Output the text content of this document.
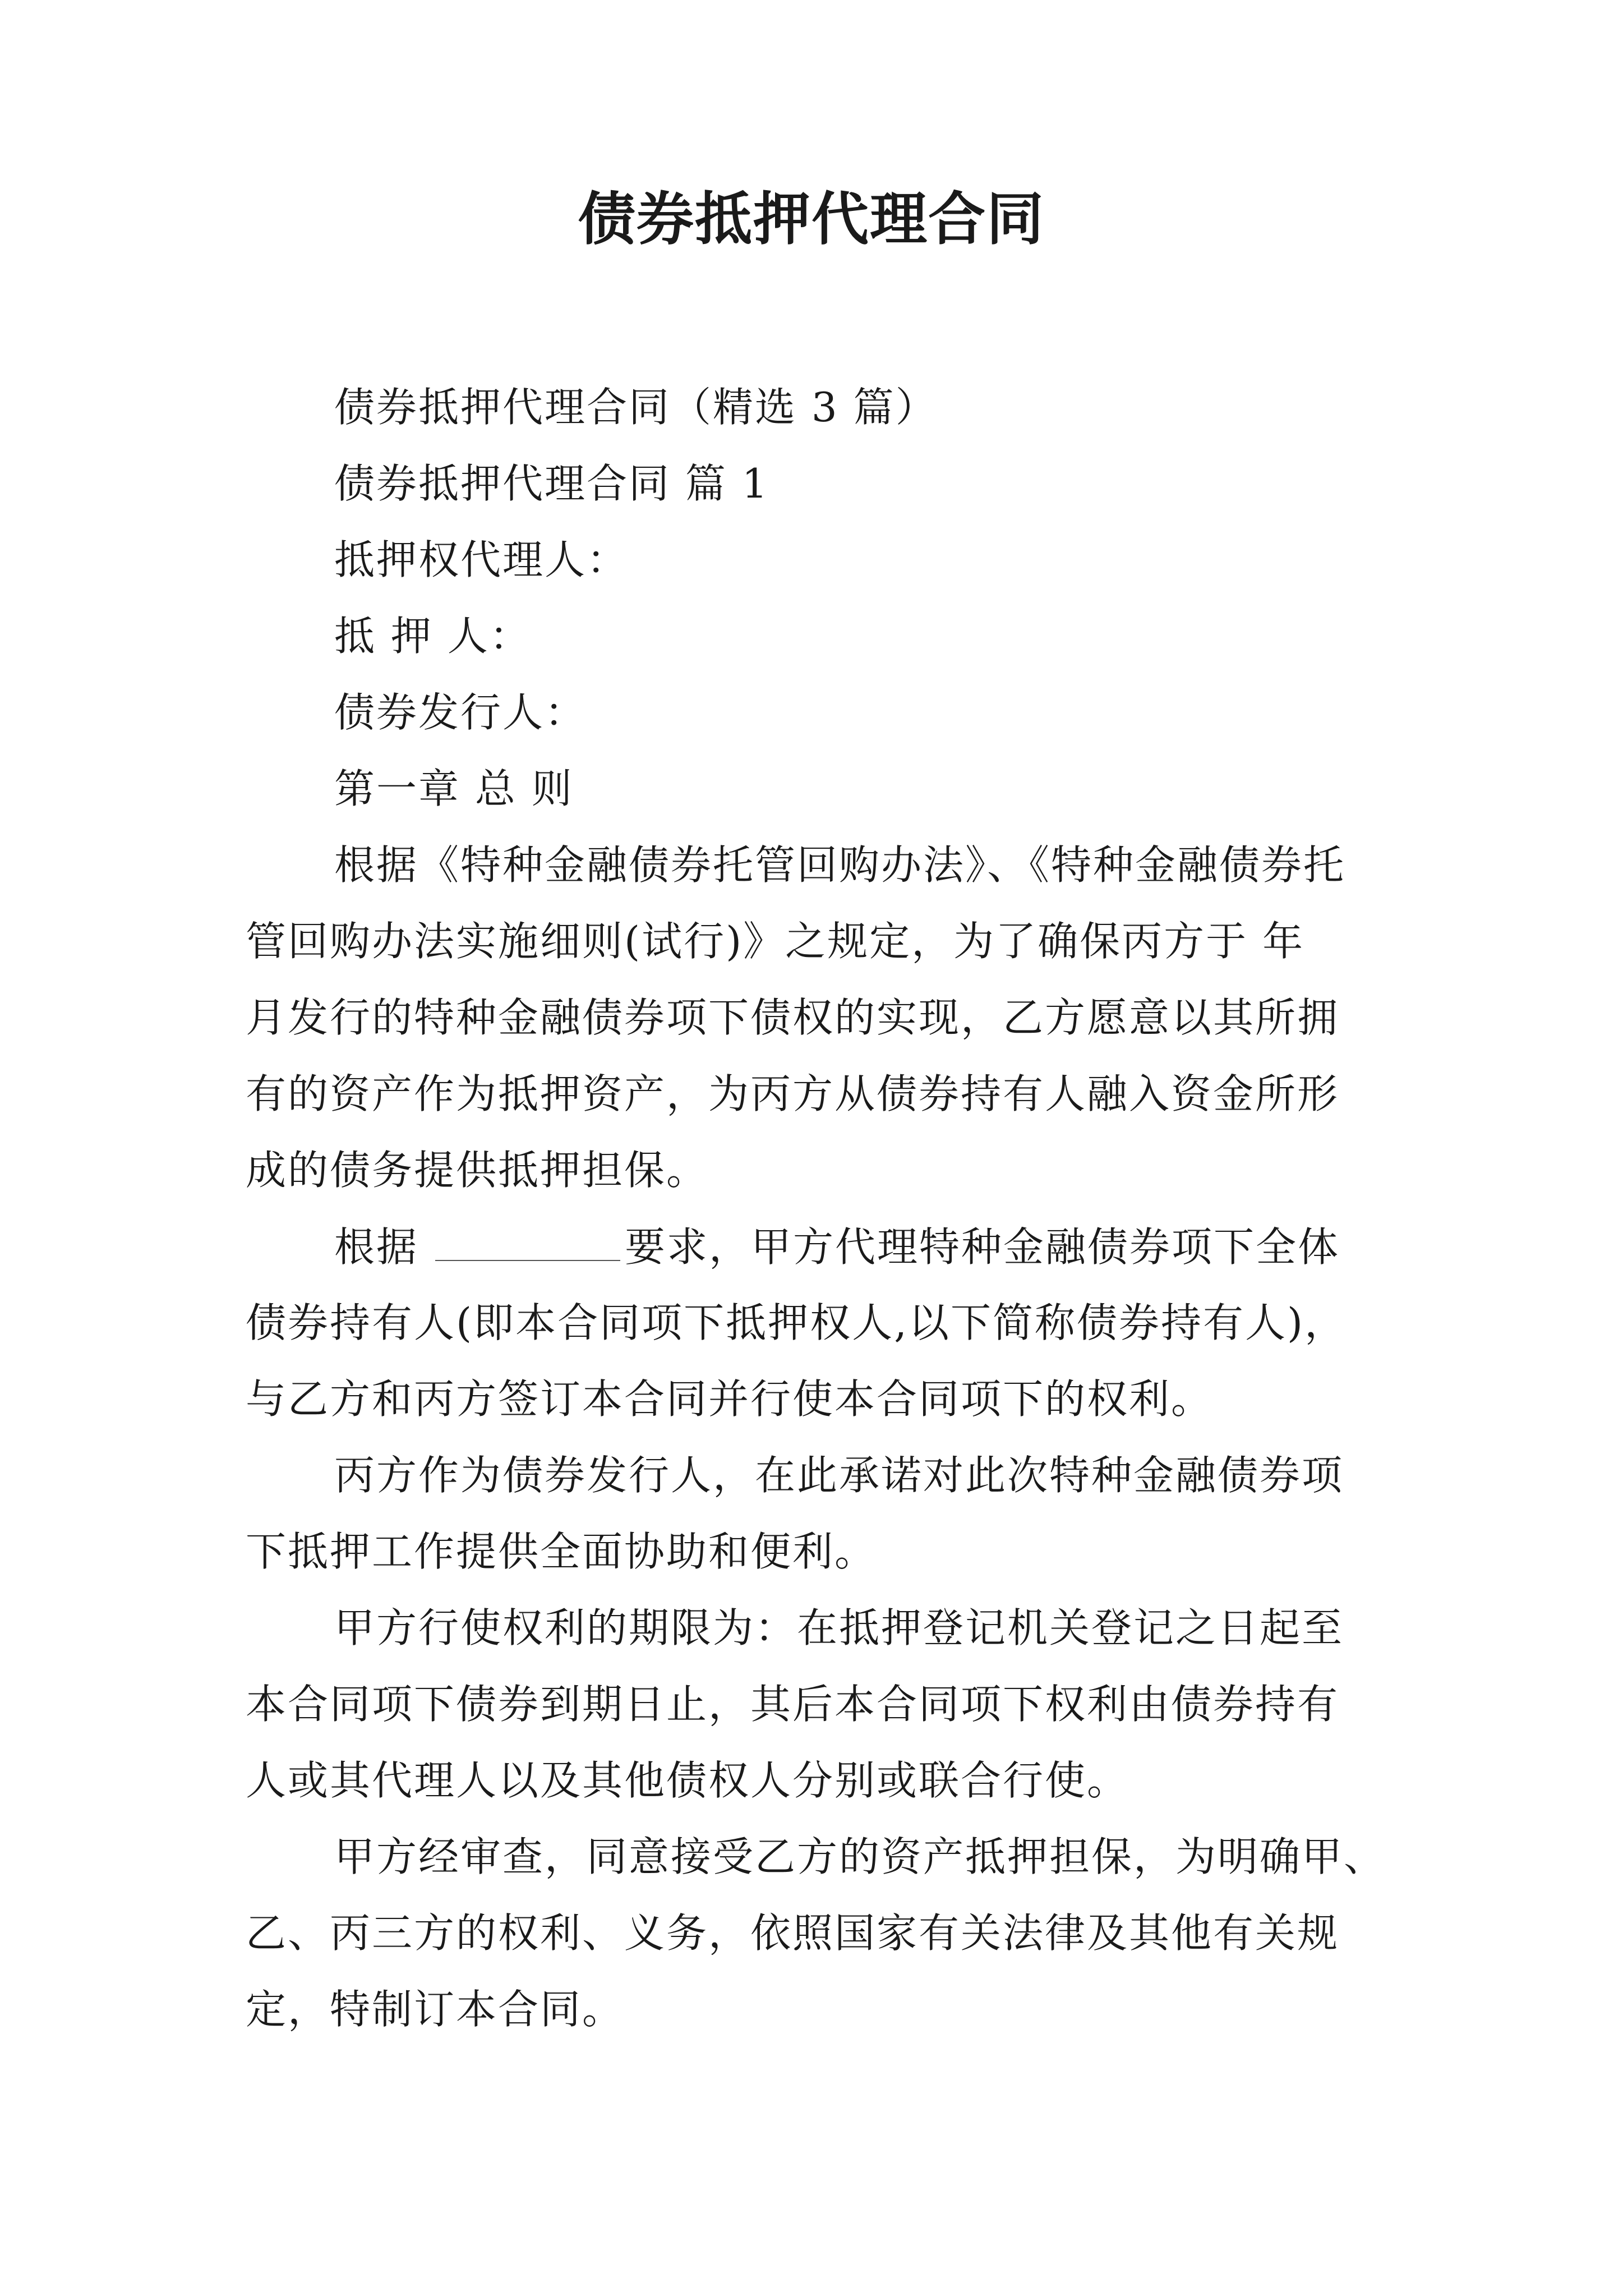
债券抵押代理合同

债券抵押代理合同（精选 3 篇）

债券抵押代理合同 篇 1

抵押权代理人：

抵 押 人：

债券发行人：

第一章 总 则

根据《特种金融债券托管回购办法》、《特种金融债券托

管回购办法实施细则(试行)》之规定，为了确保丙方于 年

月发行的特种金融债券项下债权的实现，乙方愿意以其所拥

有的资产作为抵押资产，为丙方从债券持有人融入资金所形

成的债务提供抵押担保。

根据	要求，甲方代理特种金融债券项下全体

债券持有人(即本合同项下抵押权人,以下简称债券持有人)，

与乙方和丙方签订本合同并行使本合同项下的权利。

丙方作为债券发行人，在此承诺对此次特种金融债券项

下抵押工作提供全面协助和便利。

甲方行使权利的期限为：在抵押登记机关登记之日起至

本合同项下债券到期日止，其后本合同项下权利由债券持有

人或其代理人以及其他债权人分别或联合行使。

甲方经审查，同意接受乙方的资产抵押担保，为明确甲、

乙、丙三方的权利、义务，依照国家有关法律及其他有关规

定，特制订本合同。
